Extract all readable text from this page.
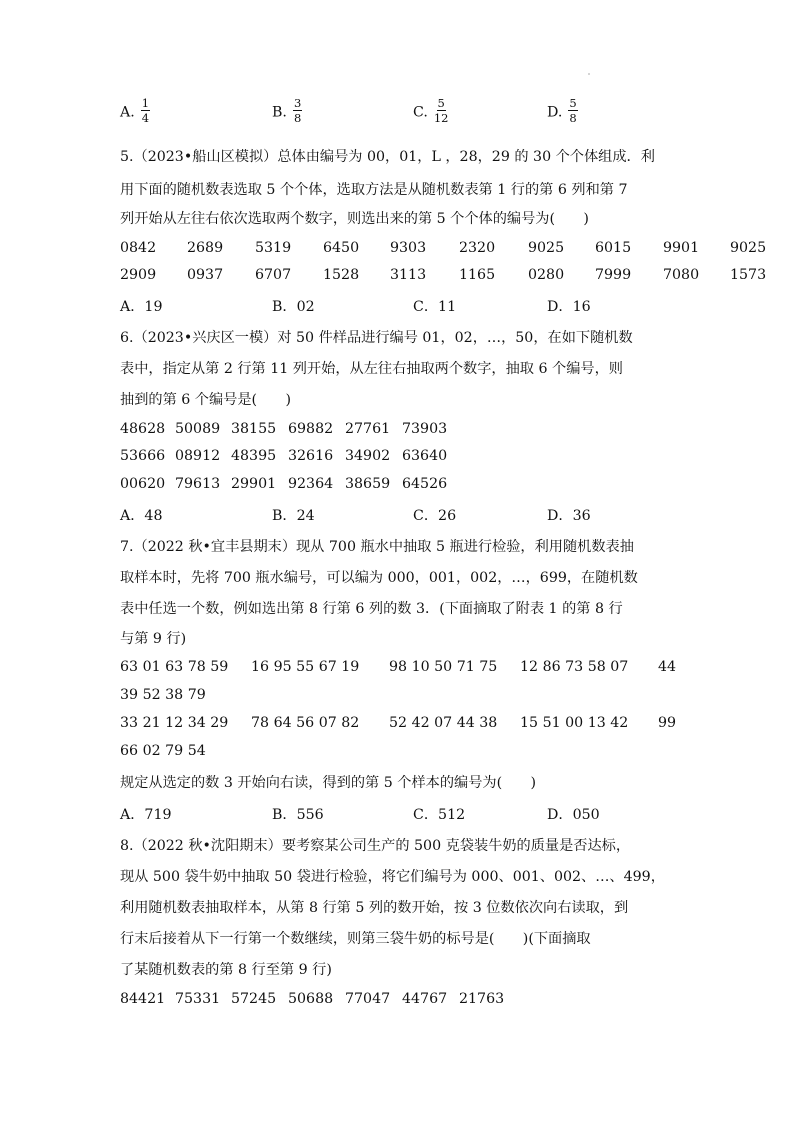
A. $\frac{1}{4}$	B. $\frac{3}{8}$	C. $\frac{5}{12}$	D. $\frac{5}{8}$
5.（2023•船山区模拟）总体由编号为 00，01，L ，28，29 的 30 个个体组成．利
用下面的随机数表选取 5 个个体，选取方法是从随机数表第 1 行的第 6 列和第 7
列开始从左往右依次选取两个数字，则选出来的第 5 个个体的编号为(　　)
0842	2689	5319	6450	9303	2320	9025	6015	9901	9025
2909	0937	6707	1528	3113	1165	0280	7999	7080	1573
A．19	B．02	C．11	D．16
6.（2023•兴庆区一模）对 50 件样品进行编号 01，02，…，50，在如下随机数
表中，指定从第 2 行第 11 列开始，从左往右抽取两个数字，抽取 6 个编号，则
抽到的第 6 个编号是(　　)
48628 50089 38155 69882 27761 73903
53666 08912 48395 32616 34902 63640
00620 79613 29901 92364 38659 64526
A．48	B．24	C．26	D．36
7.（2022 秋•宜丰县期末）现从 700 瓶水中抽取 5 瓶进行检验，利用随机数表抽
取样本时，先将 700 瓶水编号，可以编为 000，001，002，…，699，在随机数
表中任选一个数，例如选出第 8 行第 6 列的数 3．(下面摘取了附表 1 的第 8 行
与第 9 行)
63 01 63 78 59 16 95 55 67 19 98 10 50 71 75 12 86 73 58 07 44
39 52 38 79
33 21 12 34 29 78 64 56 07 82 52 42 07 44 38 15 51 00 13 42 99
66 02 79 54
规定从选定的数 3 开始向右读，得到的第 5 个样本的编号为(　　)
A．719	B．556	C．512	D．050
8.（2022 秋•沈阳期末）要考察某公司生产的 500 克袋装牛奶的质量是否达标，
现从 500 袋牛奶中抽取 50 袋进行检验，将它们编号为 000、001、002、…、499，
利用随机数表抽取样本，从第 8 行第 5 列的数开始，按 3 位数依次向右读取，到
行末后接着从下一行第一个数继续，则第三袋牛奶的标号是(　　)(下面摘取
了某随机数表的第 8 行至第 9 行)
84421 75331 57245 50688 77047 44767 21763
